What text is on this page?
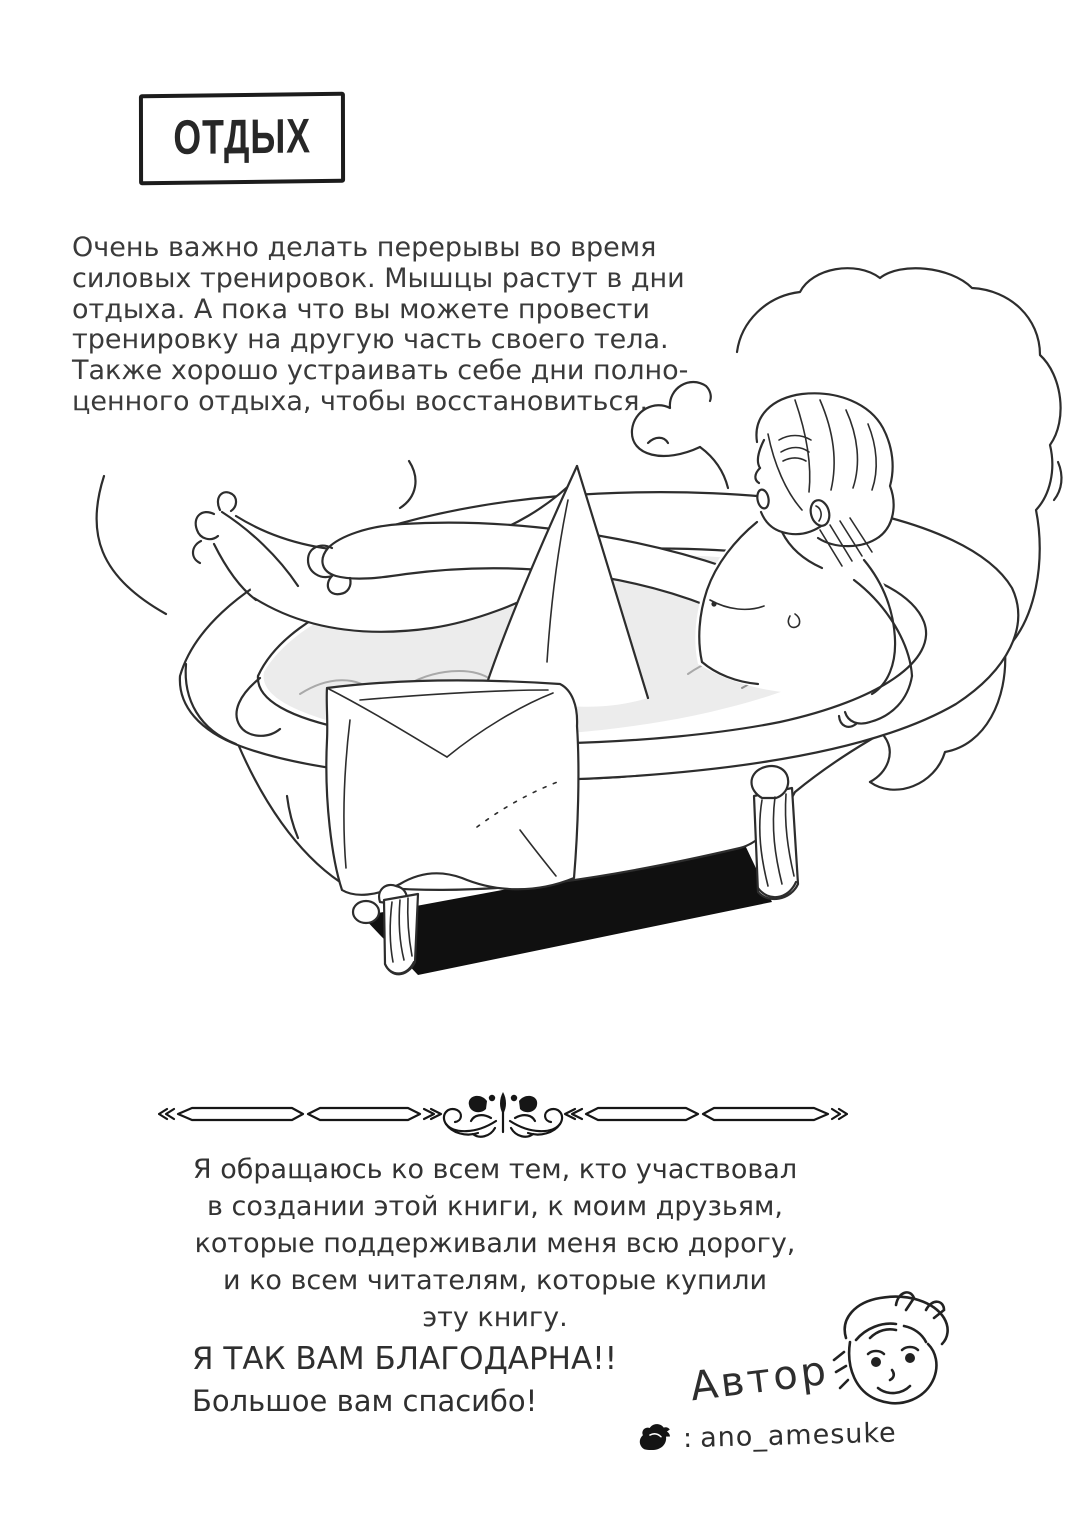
ОТДЫХ
Очень важно делать перерывы во время
силовых тренировок. Мышцы растут в дни
отдыха. А пока что вы можете провести
тренировку на другую часть своего тела.
Также хорошо устраивать себе дни полно-
ценного отдыха, чтобы восстановиться.
Я обращаюсь ко всем тем, кто участвовал
в создании этой книги, к моим друзьям,
которые поддерживали меня всю дорогу,
и ко всем читателям, которые купили
эту книгу.
Я ТАК ВАМ БЛАГОДАРНА!!
Большое вам спасибо!	Автор
: ano_amesuke
